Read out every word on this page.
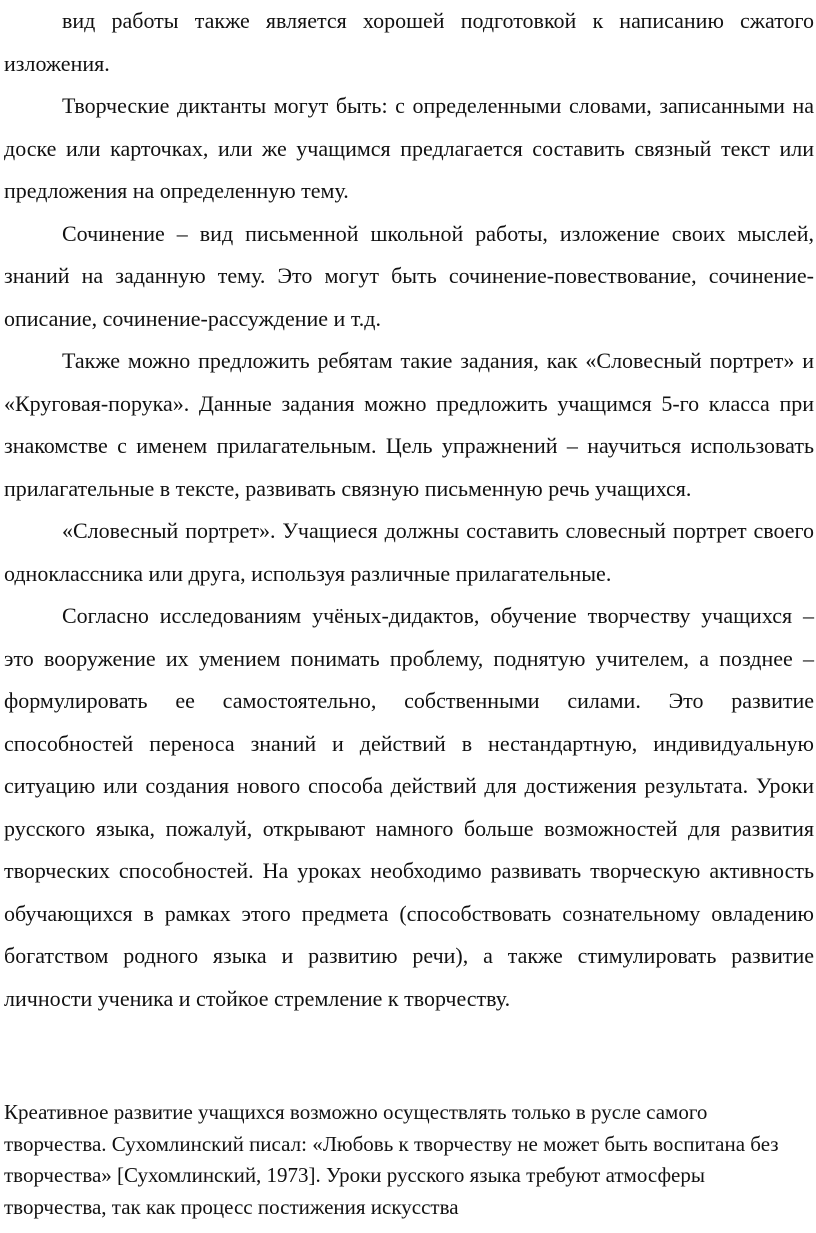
вид работы также является хорошей подготовкой к написанию сжатого изложения.

Творческие диктанты могут быть: с определенными словами, записанными на доске или карточках, или же учащимся предлагается составить связный текст или предложения на определенную тему.

Сочинение – вид письменной школьной работы, изложение своих мыслей, знаний на заданную тему. Это могут быть сочинение-повествование, сочинение-описание, сочинение-рассуждение и т.д.

Также можно предложить ребятам такие задания, как «Словесный портрет» и «Круговая-порука». Данные задания можно предложить учащимся 5-го класса при знакомстве с именем прилагательным. Цель упражнений – научиться использовать прилагательные в тексте, развивать связную письменную речь учащихся.

«Словесный портрет». Учащиеся должны составить словесный портрет своего одноклассника или друга, используя различные прилагательные.

Согласно исследованиям учёных-дидактов, обучение творчеству учащихся – это вооружение их умением понимать проблему, поднятую учителем, а позднее – формулировать ее самостоятельно, собственными силами. Это развитие способностей переноса знаний и действий в нестандартную, индивидуальную ситуацию или создания нового способа действий для достижения результата. Уроки русского языка, пожалуй, открывают намного больше возможностей для развития творческих способностей. На уроках необходимо развивать творческую активность обучающихся в рамках этого предмета (способствовать сознательному овладению богатством родного языка и развитию речи), а также стимулировать развитие личности ученика и стойкое стремление к творчеству.

Креативное развитие учащихся возможно осуществлять только в русле самого творчества. Сухомлинский писал: «Любовь к творчеству не может быть воспитана без творчества» [Сухомлинский, 1973]. Уроки русского языка требуют атмосферы творчества, так как процесс постижения искусства
